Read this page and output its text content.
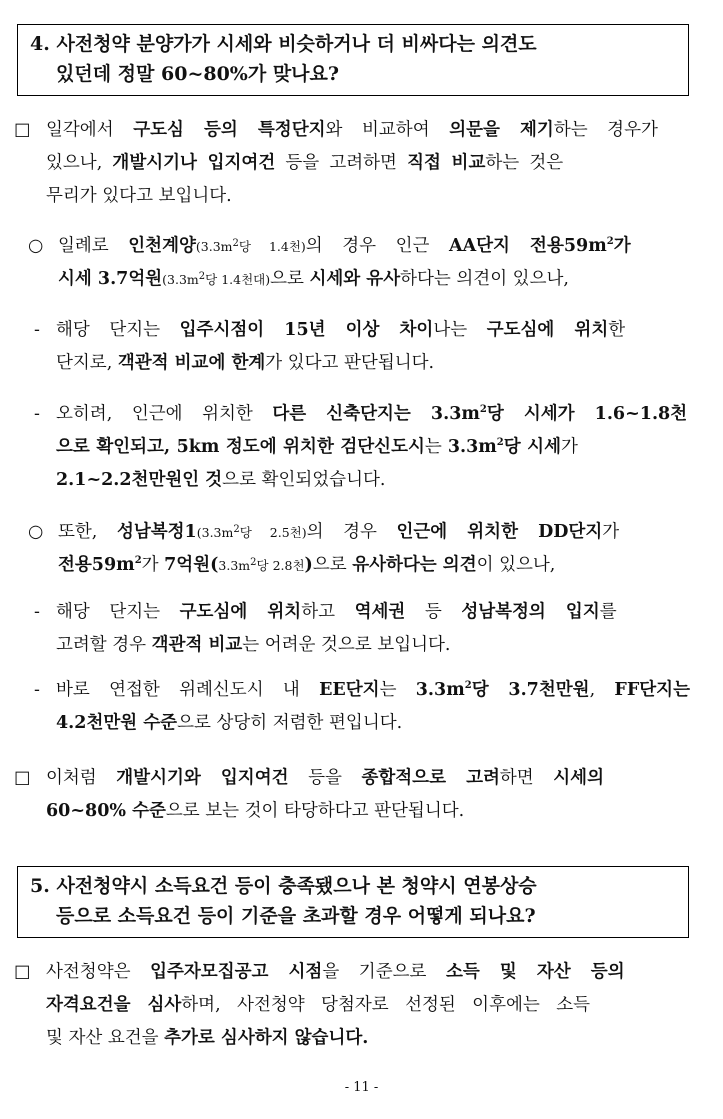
4. 사전청약 분양가가 시세와 비슷하거나 더 비싸다는 의견도
있던데 정말 60~80%가 맞나요?
□ 일각에서 구도심 등의 특정단지와 비교하여 의문을 제기하는 경우가
있으나, 개발시기나 입지여건 등을 고려하면 직접 비교하는 것은
무리가 있다고 보입니다.
○ 일례로 인천계양($3.3m^2$당 1.4천)의 경우 인근 AA단지 전용$59m^2$가
시세 3.7억원($3.3m^2$당 1.4천대)으로 시세와 유사하다는 의견이 있으나,
- 해당 단지는 입주시점이 15년 이상 차이나는 구도심에 위치한
단지로, 객관적 비교에 한계가 있다고 판단됩니다.
- 오히려, 인근에 위치한 다른 신축단지는 $3.3m^2$당 시세가 1.6~1.8천
으로 확인되고, 5km 정도에 위치한 검단신도시는 $3.3m^2$당 시세가
2.1~2.2천만원인 것으로 확인되었습니다.
○ 또한, 성남복정$1(3.3m^2$당 2.5천)의 경우 인근에 위치한 DD단지가
전용$59m^2$가 7억원($3.3m^2$당 2.8천)으로 유사하다는 의견이 있으나,
- 해당 단지는 구도심에 위치하고 역세권 등 성남복정의 입지를
고려할 경우 객관적 비교는 어려운 것으로 보입니다.
- 바로 연접한 위례신도시 내 EE단지는 $3.3m^2$당 3.7천만원, FF단지는
4.2천만원 수준으로 상당히 저렴한 편입니다.
□ 이처럼 개발시기와 입지여건 등을 종합적으로 고려하면 시세의
60~80% 수준으로 보는 것이 타당하다고 판단됩니다.
5. 사전청약시 소득요건 등이 충족됐으나 본 청약시 연봉상승
등으로 소득요건 등이 기준을 초과할 경우 어떻게 되나요?
□ 사전청약은 입주자모집공고 시점을 기준으로 소득 및 자산 등의
자격요건을 심사하며, 사전청약 당첨자로 선정된 이후에는 소득
및 자산 요건을 추가로 심사하지 않습니다.
- 11 -
